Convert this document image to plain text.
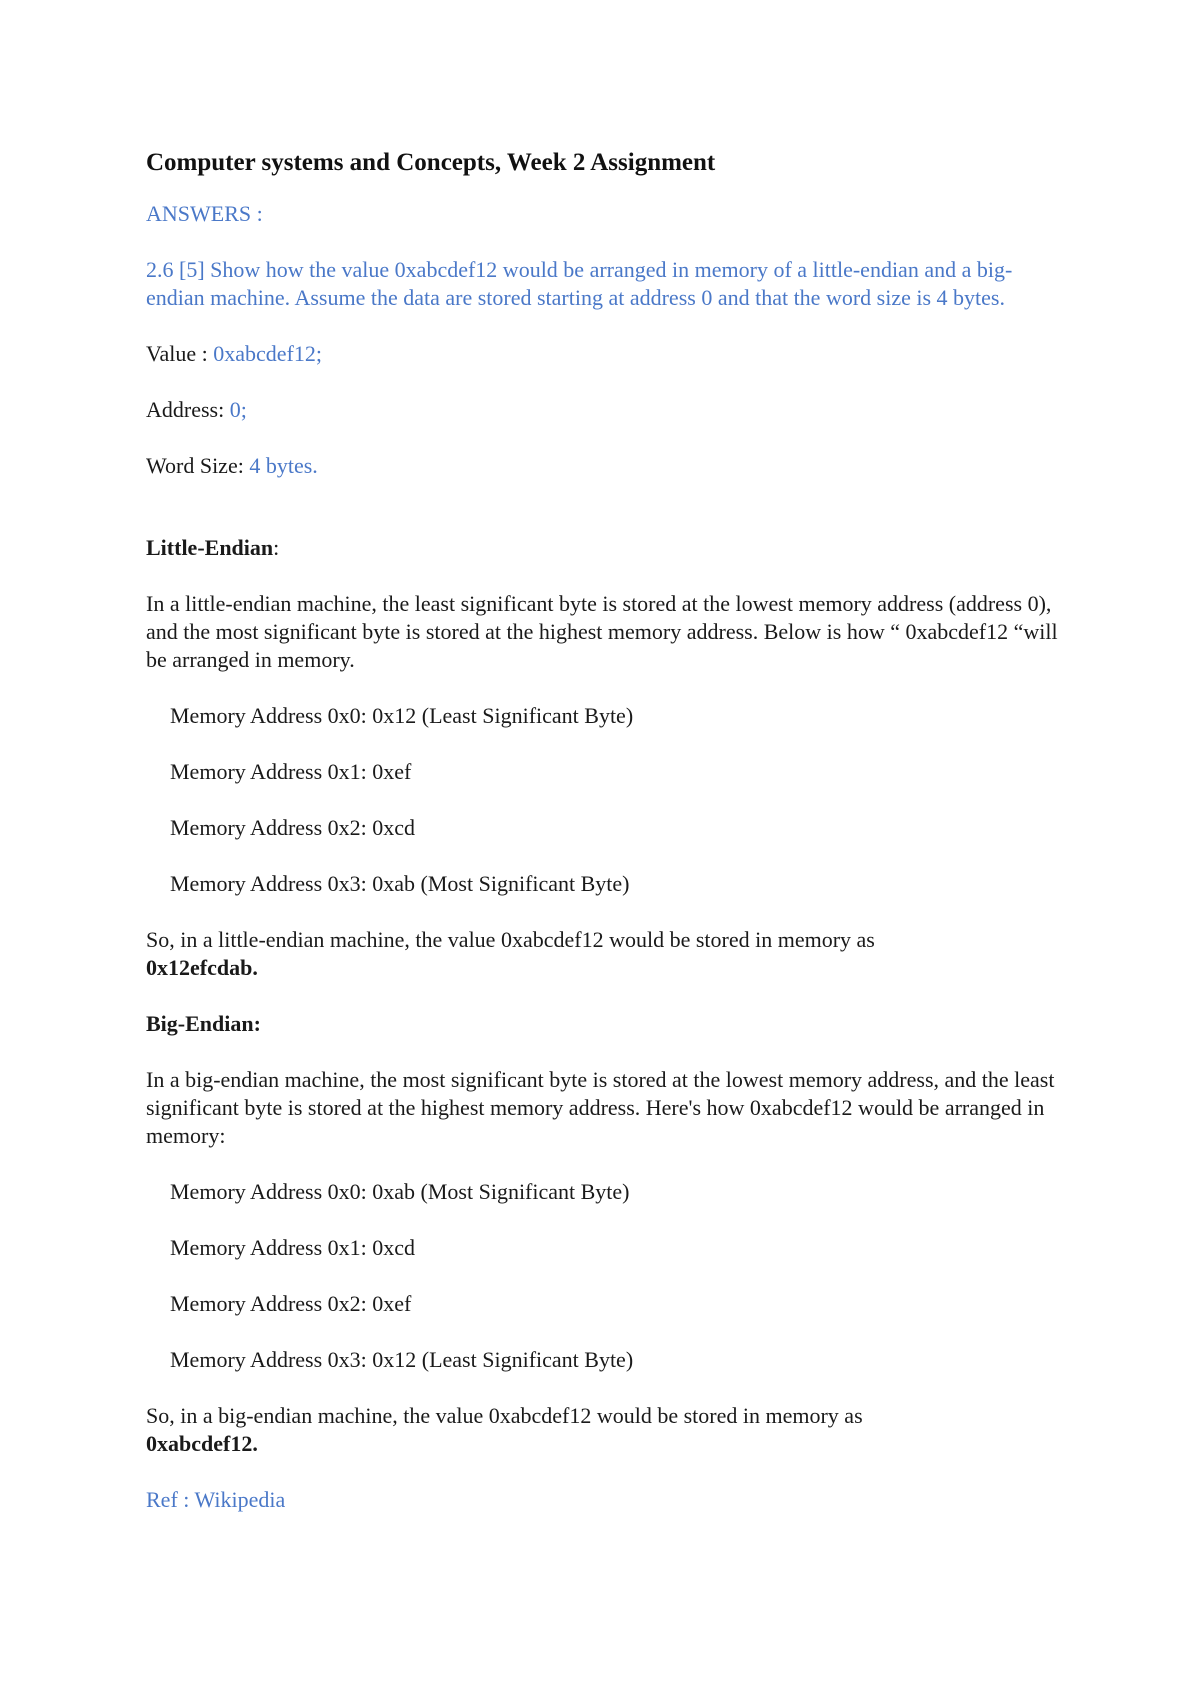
Computer systems and Concepts, Week 2 Assignment

ANSWERS :

2.6 [5] Show how the value 0xabcdef12 would be arranged in memory of a little-endian and a big-endian machine. Assume the data are stored starting at address 0 and that the word size is 4 bytes.

Value : 0xabcdef12;

Address: 0;

Word Size: 4 bytes.

Little-Endian:

In a little-endian machine, the least significant byte is stored at the lowest memory address (address 0), and the most significant byte is stored at the highest memory address. Below is how “ 0xabcdef12 “will be arranged in memory.

Memory Address 0x0: 0x12 (Least Significant Byte)

Memory Address 0x1: 0xef

Memory Address 0x2: 0xcd

Memory Address 0x3: 0xab (Most Significant Byte)

So, in a little-endian machine, the value 0xabcdef12 would be stored in memory as
0x12efcdab.

Big-Endian:

In a big-endian machine, the most significant byte is stored at the lowest memory address, and the least significant byte is stored at the highest memory address. Here's how 0xabcdef12 would be arranged in memory:

Memory Address 0x0: 0xab (Most Significant Byte)

Memory Address 0x1: 0xcd

Memory Address 0x2: 0xef

Memory Address 0x3: 0x12 (Least Significant Byte)

So, in a big-endian machine, the value 0xabcdef12 would be stored in memory as
0xabcdef12.

Ref : Wikipedia
